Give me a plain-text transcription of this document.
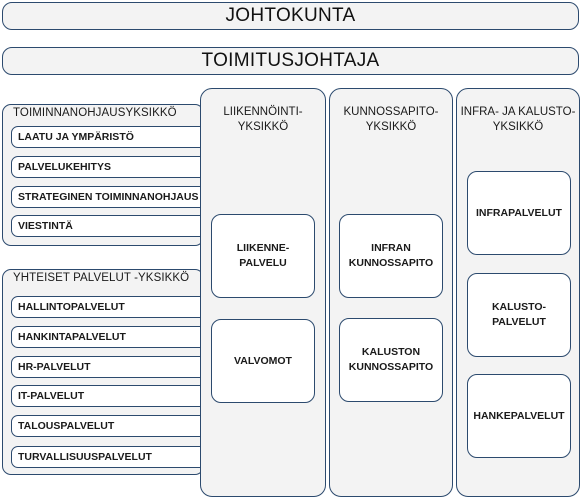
JOHTOKUNTA
TOIMITUSJOHTAJA
TOIMINNANOHJAUSYKSIKKÖ
LAATU JA YMPÄRISTÖ
PALVELUKEHITYS
STRATEGINEN TOIMINNANOHJAUS
VIESTINTÄ
YHTEISET PALVELUT -YKSIKKÖ
HALLINTOPALVELUT
HANKINTAPALVELUT
HR-PALVELUT
IT-PALVELUT
TALOUSPALVELUT
TURVALLISUUSPALVELUT
LIIKENNÖINTI-
YKSIKKÖ
LIIKENNE-
PALVELU
VALVOMOT
KUNNOSSAPITO-
YKSIKKÖ
INFRAN
KUNNOSSAPITO
KALUSTON
KUNNOSSAPITO
INFRA- JA KALUSTO-
YKSIKKÖ
INFRAPALVELUT
KALUSTO-
PALVELUT
HANKEPALVELUT
